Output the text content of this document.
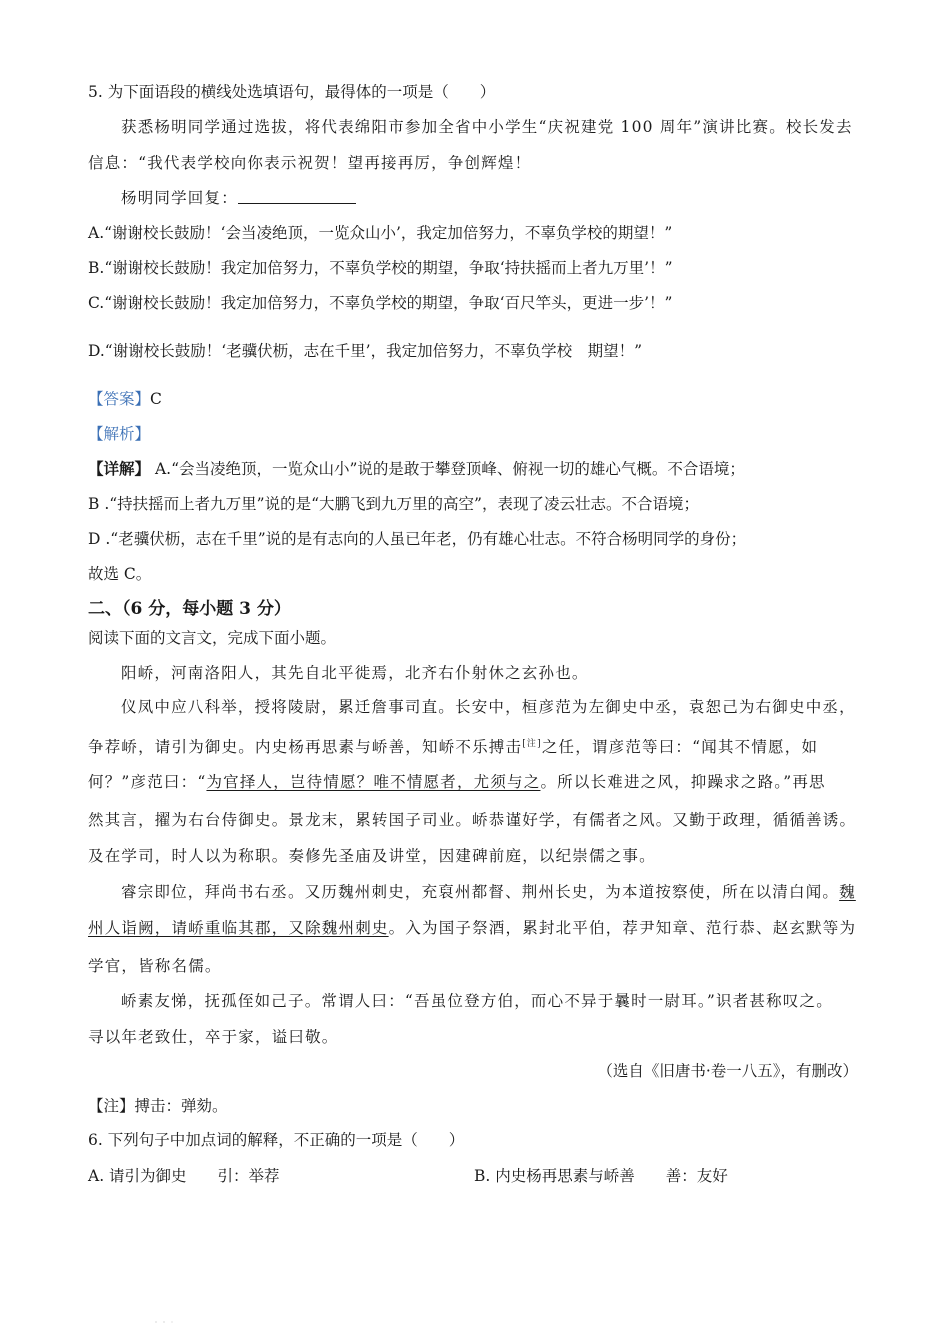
5. 为下面语段的横线处选填语句，最得体的一项是（　　）
获悉杨明同学通过选拔，将代表绵阳市参加全省中小学生“庆祝建党 100 周年”演讲比赛。校长发去
信息：“我代表学校向你表示祝贺！望再接再厉，争创辉煌！
杨明同学回复：
A.“谢谢校长鼓励！‘会当凌绝顶，一览众山小’，我定加倍努力，不辜负学校的期望！”
B.“谢谢校长鼓励！我定加倍努力，不辜负学校的期望，争取‘持扶摇而上者九万里’！”
C.“谢谢校长鼓励！我定加倍努力，不辜负学校的期望，争取‘百尺竿头，更进一步’！”
D.“谢谢校长鼓励！‘老骥伏枥，志在千里’，我定加倍努力，不辜负学校　期望！”
【答案】C
【解析】
【详解】 A.“会当凌绝顶，一览众山小”说的是敢于攀登顶峰、俯视一切的雄心气概。不合语境；
B .“持扶摇而上者九万里”说的是“大鹏飞到九万里的高空”，表现了凌云壮志。不合语境；
D .“老骥伏枥，志在千里”说的是有志向的人虽已年老，仍有雄心壮志。不符合杨明同学的身份；
故选 C。
二、（6 分，每小题 3 分）
阅读下面的文言文，完成下面小题。
阳峤，河南洛阳人，其先自北平徙焉，北齐右仆射休之玄孙也。
仪凤中应八科举，授将陵尉，累迁詹事司直。长安中，桓彦范为左御史中丞，袁恕己为右御史中丞，
争荐峤，请引为御史。内史杨再思素与峤善，知峤不乐搏击[注]之任，谓彦范等曰：“闻其不情愿，如
何？”彦范曰：“为官择人，岂待情愿？唯不情愿者，尤须与之。所以长难进之风，抑躁求之路。”再思
然其言，擢为右台侍御史。景龙末，累转国子司业。峤恭谨好学，有儒者之风。又勤于政理，循循善诱。
及在学司，时人以为称职。奏修先圣庙及讲堂，因建碑前庭，以纪崇儒之事。
睿宗即位，拜尚书右丞。又历魏州刺史，充裒州都督、荆州长史，为本道按察使，所在以清白闻。魏
州人诣阙，请峤重临其郡，又除魏州刺史。入为国子祭酒，累封北平伯，荐尹知章、范行恭、赵玄默等为
学官，皆称名儒。
峤素友悌，抚孤侄如己子。常谓人曰：“吾虽位登方伯，而心不异于曩时一尉耳。”识者甚称叹之。
寻以年老致仕，卒于家，谥曰敬。
（选自《旧唐书·卷一八五》，有删改）
【注】搏击：弹劾。
6. 下列句子中加点词的解释，不正确的一项是（　　）
A. 请引为御史　　引：举荐	B. 内史杨再思素与峤善　　善：友好
